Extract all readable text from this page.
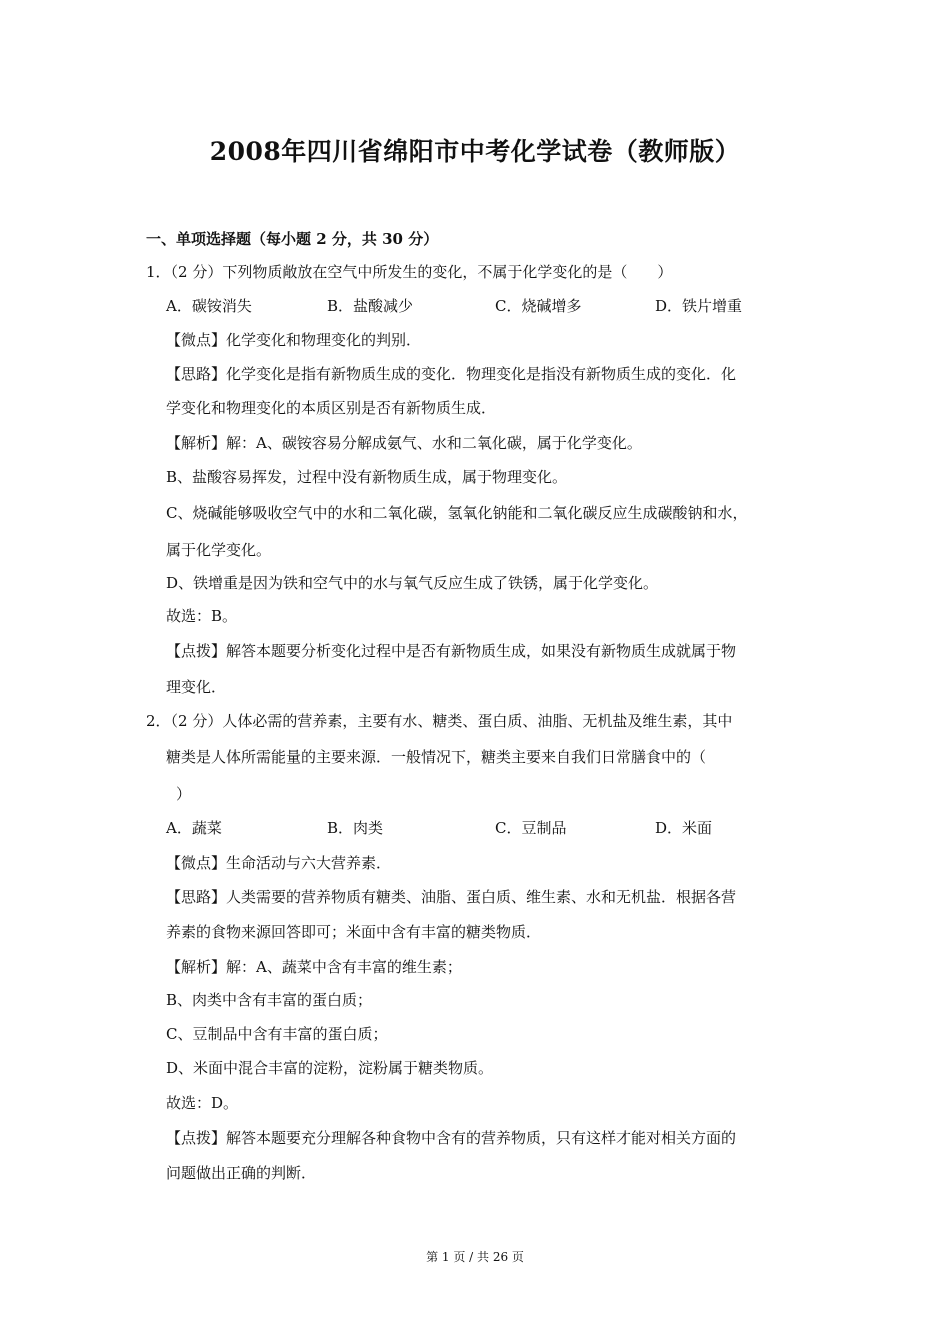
2008年四川省绵阳市中考化学试卷（教师版）
一、单项选择题（每小题 2 分，共 30 分）
1．（2 分）下列物质敞放在空气中所发生的变化，不属于化学变化的是（　　）
A．碳铵消失	B．盐酸减少	C．烧碱增多	D．铁片增重
【微点】化学变化和物理变化的判别．
【思路】化学变化是指有新物质生成的变化．物理变化是指没有新物质生成的变化．化
学变化和物理变化的本质区别是否有新物质生成．
【解析】解：A、碳铵容易分解成氨气、水和二氧化碳，属于化学变化。
B、盐酸容易挥发，过程中没有新物质生成，属于物理变化。
C、烧碱能够吸收空气中的水和二氧化碳，氢氧化钠能和二氧化碳反应生成碳酸钠和水，
属于化学变化。
D、铁增重是因为铁和空气中的水与氧气反应生成了铁锈，属于化学变化。
故选：B。
【点拨】解答本题要分析变化过程中是否有新物质生成，如果没有新物质生成就属于物
理变化．
2．（2 分）人体必需的营养素，主要有水、糖类、蛋白质、油脂、无机盐及维生素，其中
糖类是人体所需能量的主要来源．一般情况下，糖类主要来自我们日常膳食中的（
）
A．蔬菜	B．肉类	C．豆制品	D．米面
【微点】生命活动与六大营养素．
【思路】人类需要的营养物质有糖类、油脂、蛋白质、维生素、水和无机盐．根据各营
养素的食物来源回答即可；米面中含有丰富的糖类物质．
【解析】解：A、蔬菜中含有丰富的维生素；
B、肉类中含有丰富的蛋白质；
C、豆制品中含有丰富的蛋白质；
D、米面中混合丰富的淀粉，淀粉属于糖类物质。
故选：D。
【点拨】解答本题要充分理解各种食物中含有的营养物质，只有这样才能对相关方面的
问题做出正确的判断．
第 1 页 / 共 26 页
